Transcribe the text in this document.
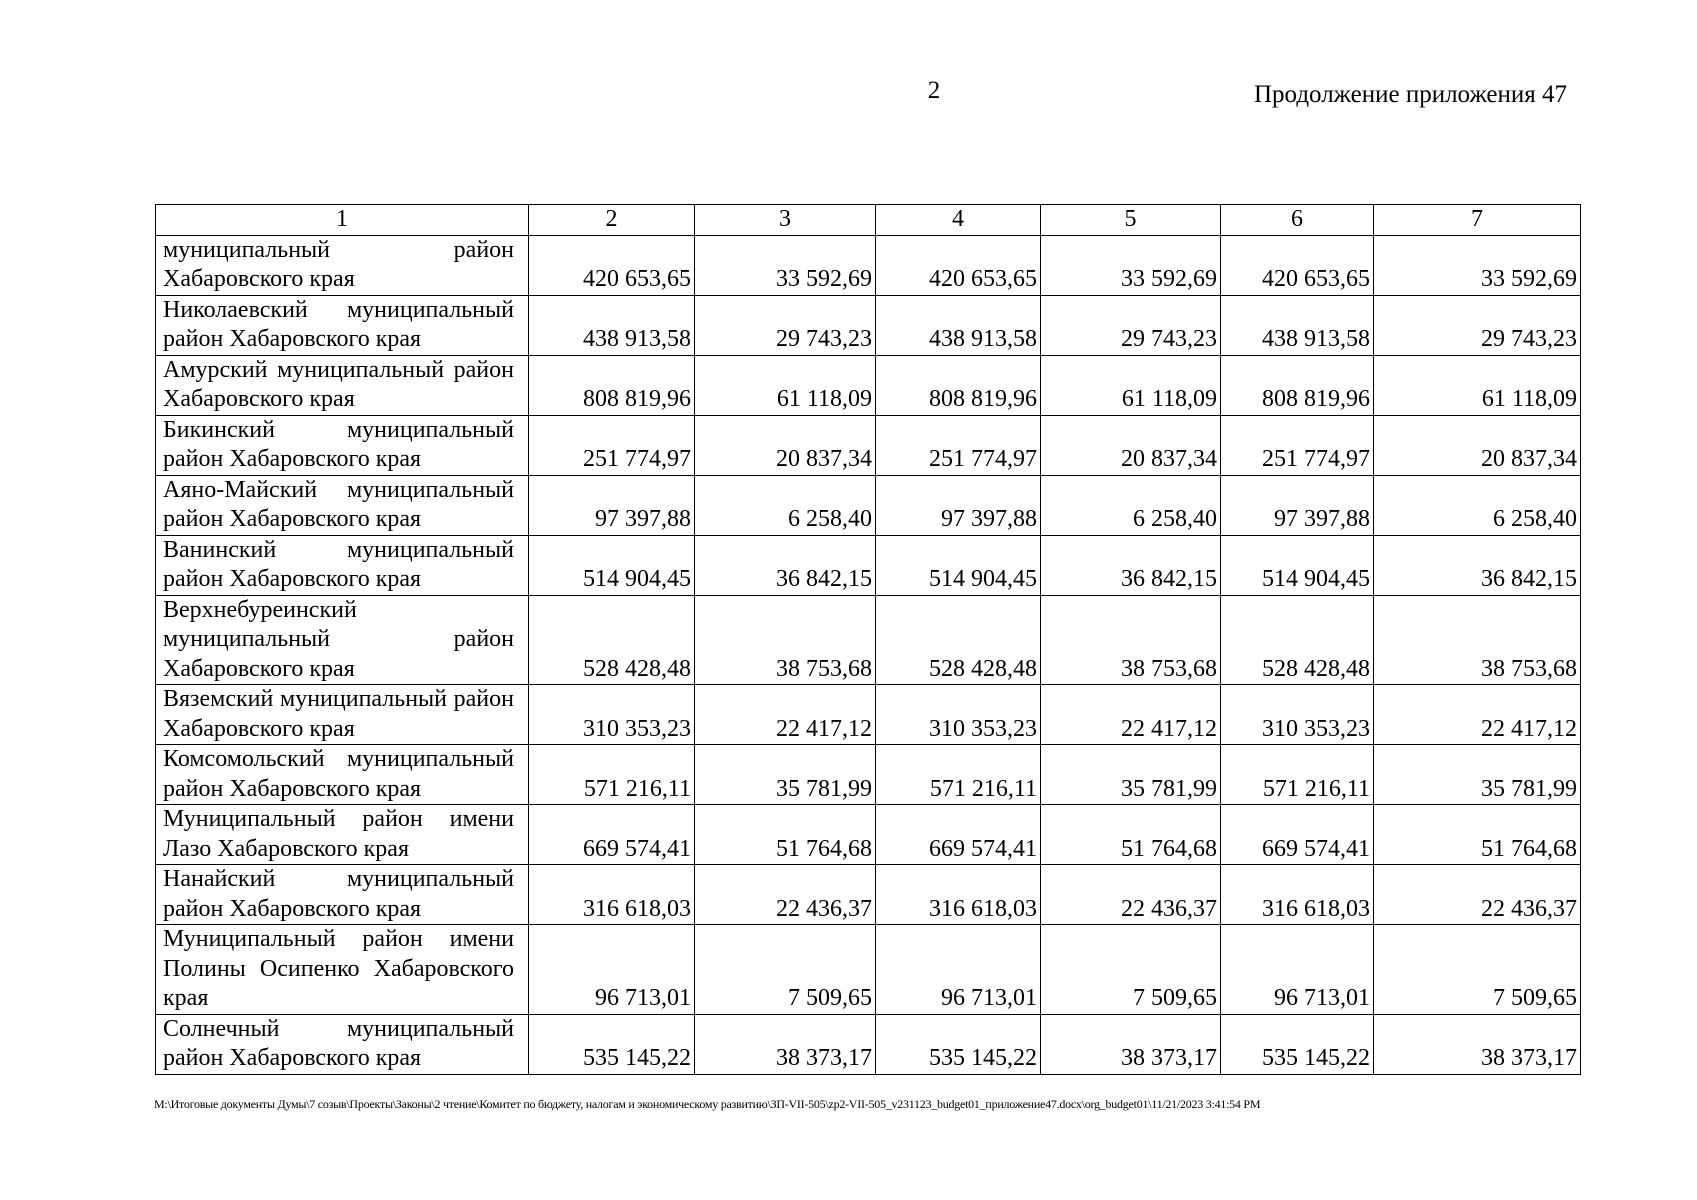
2	Продолжение приложения 47
1	2	3	4	5	6	7
муниципальный район Хабаровского края	420 653,65	33 592,69	420 653,65	33 592,69	420 653,65	33 592,69
Николаевский муниципальный район Хабаровского края	438 913,58	29 743,23	438 913,58	29 743,23	438 913,58	29 743,23
Амурский муниципальный район Хабаровского края	808 819,96	61 118,09	808 819,96	61 118,09	808 819,96	61 118,09
Бикинский муниципальный район Хабаровского края	251 774,97	20 837,34	251 774,97	20 837,34	251 774,97	20 837,34
Аяно-Майский муниципальный район Хабаровского края	97 397,88	6 258,40	97 397,88	6 258,40	97 397,88	6 258,40
Ванинский муниципальный район Хабаровского края	514 904,45	36 842,15	514 904,45	36 842,15	514 904,45	36 842,15
Верхнебуреинский муниципальный район Хабаровского края	528 428,48	38 753,68	528 428,48	38 753,68	528 428,48	38 753,68
Вяземский муниципальный район Хабаровского края	310 353,23	22 417,12	310 353,23	22 417,12	310 353,23	22 417,12
Комсомольский муниципальный район Хабаровского края	571 216,11	35 781,99	571 216,11	35 781,99	571 216,11	35 781,99
Муниципальный район имени Лазо Хабаровского края	669 574,41	51 764,68	669 574,41	51 764,68	669 574,41	51 764,68
Нанайский муниципальный район Хабаровского края	316 618,03	22 436,37	316 618,03	22 436,37	316 618,03	22 436,37
Муниципальный район имени Полины Осипенко Хабаровского края	96 713,01	7 509,65	96 713,01	7 509,65	96 713,01	7 509,65
Солнечный муниципальный район Хабаровского края	535 145,22	38 373,17	535 145,22	38 373,17	535 145,22	38 373,17
M:\Итоговые документы Думы\7 созыв\Проекты\Законы\2 чтение\Комитет по бюджету, налогам и экономическому развитию\ЗП-VII-505\zp2-VII-505_v231123_budget01_приложение47.docx\org_budget01\11/21/2023 3:41:54 PM
